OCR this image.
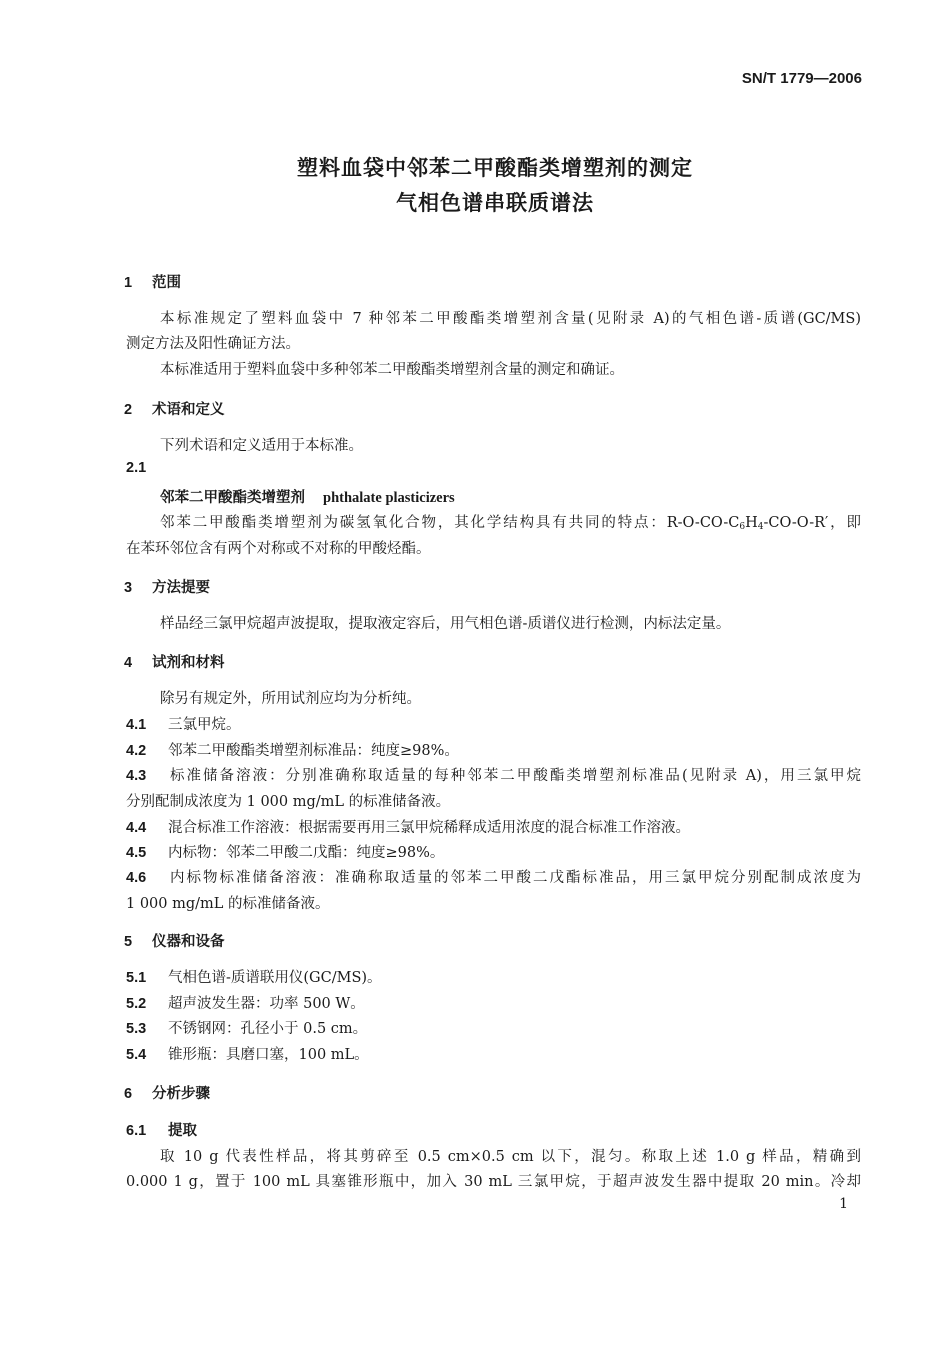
SN/T 1779—2006
塑料血袋中邻苯二甲酸酯类增塑剂的测定
气相色谱串联质谱法
1 范围
本标准规定了塑料血袋中 7 种邻苯二甲酸酯类增塑剂含量(见附录 A)的气相色谱-质谱(GC/MS)
测定方法及阳性确证方法。
本标准适用于塑料血袋中多种邻苯二甲酸酯类增塑剂含量的测定和确证。
2 术语和定义
下列术语和定义适用于本标准。
2.1
邻苯二甲酸酯类增塑剂 phthalate plasticizers
邻苯二甲酸酯类增塑剂为碳氢氧化合物，其化学结构具有共同的特点：$R-O-CO-C_6H_4-CO-O-R'$，即
在苯环邻位含有两个对称或不对称的甲酸烃酯。
3 方法提要
样品经三氯甲烷超声波提取，提取液定容后，用气相色谱-质谱仪进行检测，内标法定量。
4 试剂和材料
除另有规定外，所用试剂应均为分析纯。
4.1 三氯甲烷。
4.2 邻苯二甲酸酯类增塑剂标准品：纯度≥98%。
4.3 标准储备溶液：分别准确称取适量的每种邻苯二甲酸酯类增塑剂标准品(见附录 A)，用三氯甲烷
分别配制成浓度为 1 000 mg/mL 的标准储备液。
4.4 混合标准工作溶液：根据需要再用三氯甲烷稀释成适用浓度的混合标准工作溶液。
4.5 内标物：邻苯二甲酸二戊酯：纯度≥98%。
4.6 内标物标准储备溶液：准确称取适量的邻苯二甲酸二戊酯标准品，用三氯甲烷分别配制成浓度为
1 000 mg/mL 的标准储备液。
5 仪器和设备
5.1 气相色谱-质谱联用仪(GC/MS)。
5.2 超声波发生器：功率 500 W。
5.3 不锈钢网：孔径小于 0.5 cm。
5.4 锥形瓶：具磨口塞，100 mL。
6 分析步骤
6.1 提取
取 10 g 代表性样品，将其剪碎至 0.5 cm×0.5 cm 以下，混匀。称取上述 1.0 g 样品，精确到
0.000 1 g，置于 100 mL 具塞锥形瓶中，加入 30 mL 三氯甲烷，于超声波发生器中提取 20 min。冷却
1
